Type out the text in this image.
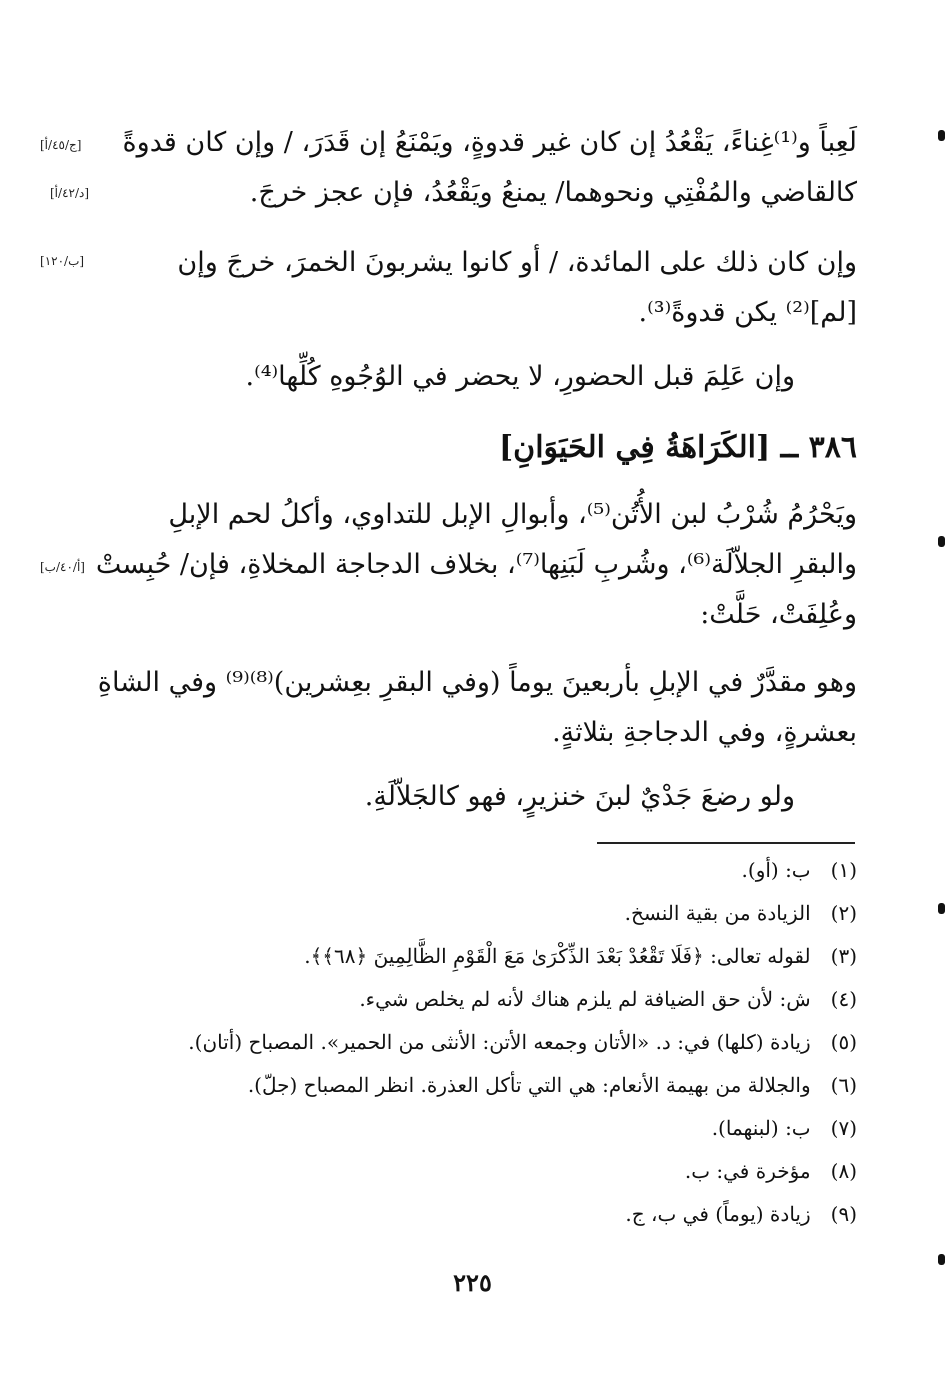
لَعِباً و⁽¹⁾غِناءً، يَقْعُدُ إن كان غير قدوةٍ، ويَمْنَعُ إن قَدَرَ، / وإن كان قدوةً
كالقاضي والمُفْتِي ونحوهما/ يمنعُ ويَقْعُدُ، فإن عجز خرجَ.
[ج/٤٥/أ]
[د/٤٢/أ]
وإن كان ذلك على المائدة، / أو كانوا يشربونَ الخمرَ، خرجَ وإن
[لم]⁽²⁾ يكن قدوةً⁽³⁾.
[ب/١٢٠]
وإن عَلِمَ قبل الحضورِ، لا يحضر في الوُجُوهِ كُلِّها⁽⁴⁾.
٣٨٦ ــ [الكَرَاهَةُ فِي الحَيَوَانِ]
ويَحْرُمُ شُرْبُ لبن الأُتُن⁽⁵⁾، وأبوالِ الإبل للتداوي، وأكلُ لحم الإبلِ
والبقرِ الجلاّلَة⁽⁶⁾، وشُربِ لَبَنِها⁽⁷⁾، بخلاف الدجاجة المخلاةِ، فإن/ حُبِستْ
وعُلِفَتْ، حَلَّتْ:
[أ/٤٠/ب]
وهو مقدَّرٌ في الإبلِ بأربعينَ يوماً (وفي البقرِ بعِشرين)⁽⁸⁾⁽⁹⁾ وفي الشاةِ
بعشرةٍ، وفي الدجاجةِ بثلاثةٍ.
ولو رضعَ جَدْيٌ لبنَ خنزيرٍ، فهو كالجَلاّلَةِ.
(١) ب: (أو).
(٢) الزيادة من بقية النسخ.
(٣) لقوله تعالى: ﴿فَلَا تَقْعُدْ بَعْدَ الذِّكْرَىٰ مَعَ الْقَوْمِ الظَّالِمِينَ ﴿٦٨﴾﴾.
(٤) ش: لأن حق الضيافة لم يلزم هناك لأنه لم يخلص شيء.
(٥) زيادة (كلها) في: د. «الأتان وجمعه الأتن: الأنثى من الحمير». المصباح (أتان).
(٦) والجلالة من بهيمة الأنعام: هي التي تأكل العذرة. انظر المصباح (جلّ).
(٧) ب: (لبنهما).
(٨) مؤخرة في: ب.
(٩) زيادة (يوماً) في ب، ج.
٢٢٥
